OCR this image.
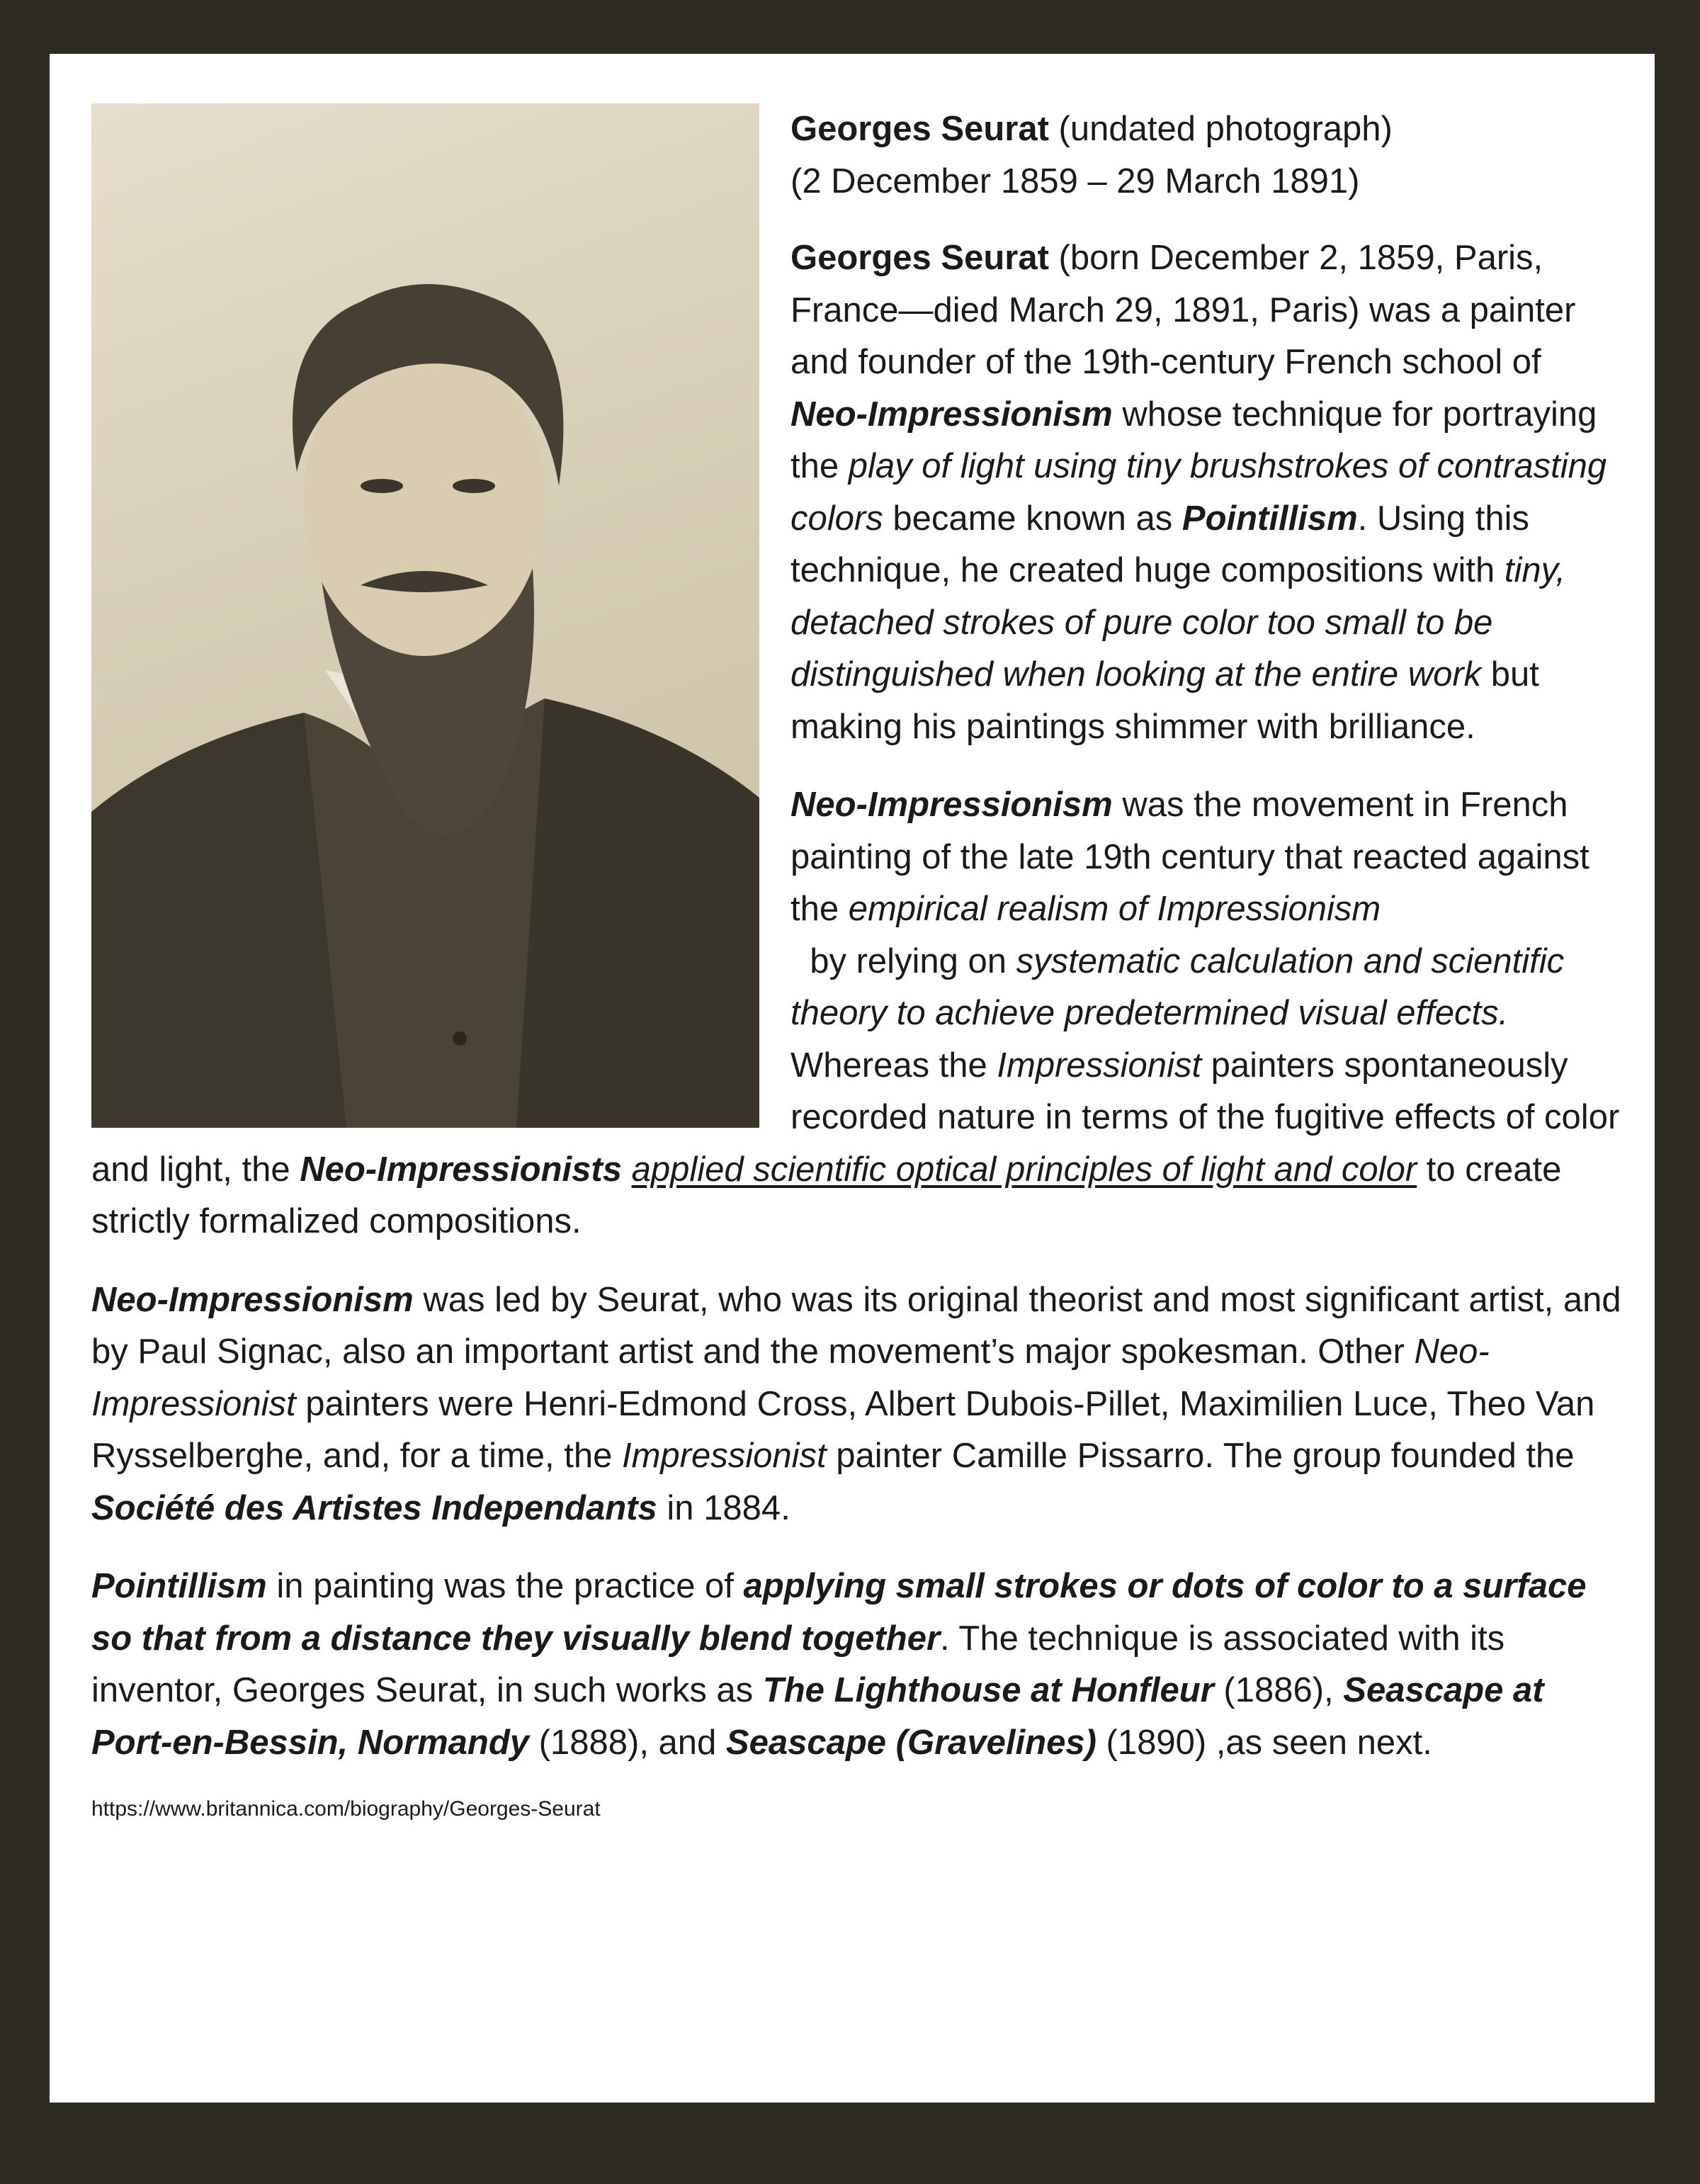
Georges Seurat (undated photograph)
(2 December 1859 – 29 March 1891)

Georges Seurat (born December 2, 1859, Paris, France—died March 29, 1891, Paris) was a painter and founder of the 19th-century French school of Neo-Impressionism whose technique for portraying the play of light using tiny brushstrokes of contrasting colors became known as Pointillism. Using this technique, he created huge compositions with tiny, detached strokes of pure color too small to be distinguished when looking at the entire work but making his paintings shimmer with brilliance.

Neo-Impressionism was the movement in French painting of the late 19th century that reacted against the empirical realism of Impressionism  by relying on systematic calculation and scientific theory to achieve predetermined visual effects. Whereas the Impressionist painters spontaneously recorded nature in terms of the fugitive effects of color and light, the Neo-Impressionists applied scientific optical principles of light and color to create strictly formalized compositions.

Neo-Impressionism was led by Seurat, who was its original theorist and most significant artist, and by Paul Signac, also an important artist and the movement’s major spokesman. Other Neo-Impressionist painters were Henri-Edmond Cross, Albert Dubois-Pillet, Maximilien Luce, Theo Van Rysselberghe, and, for a time, the Impressionist painter Camille Pissarro. The group founded the Société des Artistes Independants in 1884.

Pointillism in painting was the practice of applying small strokes or dots of color to a surface so that from a distance they visually blend together. The technique is associated with its inventor, Georges Seurat, in such works as The Lighthouse at Honfleur (1886), Seascape at Port-en-Bessin, Normandy (1888), and Seascape (Gravelines) (1890) ,as seen next.

https://www.britannica.com/biography/Georges-Seurat
